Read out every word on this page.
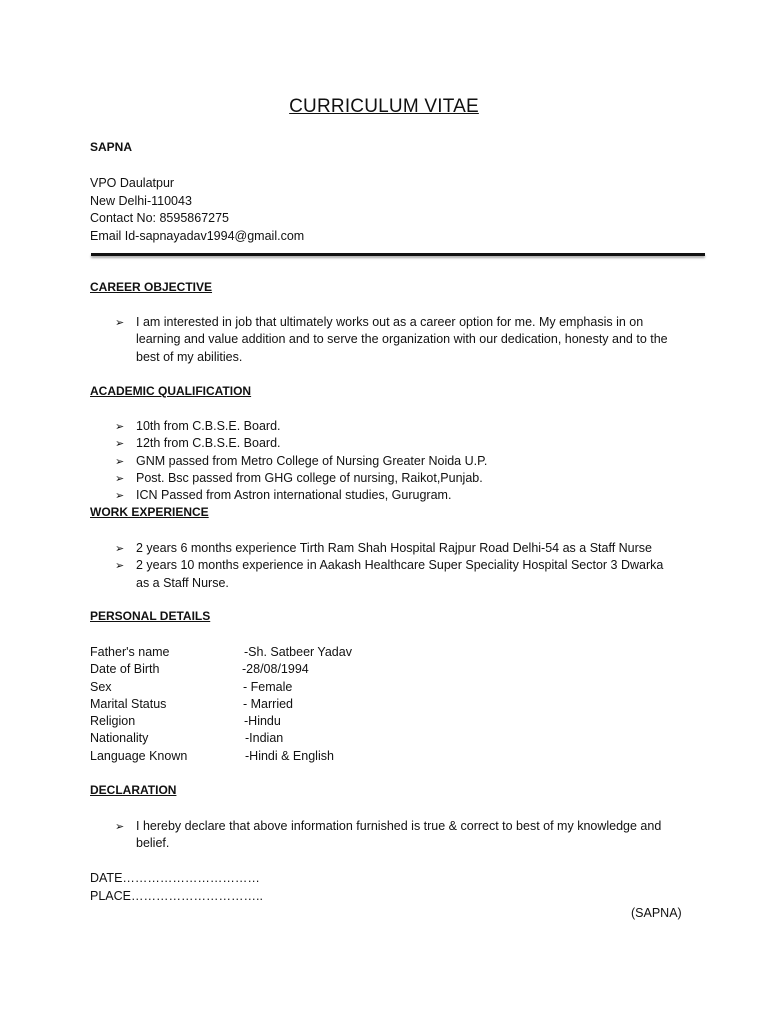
CURRICULUM VITAE
SAPNA
VPO Daulatpur
New Delhi-110043
Contact No: 8595867275
Email Id-sapnayadav1994@gmail.com
CAREER OBJECTIVE
➢ I am interested in job that ultimately works out as a career option for me. My emphasis in on learning and value addition and to serve the organization with our dedication, honesty and to the best of my abilities.
ACADEMIC QUALIFICATION
➢ 10th from C.B.S.E. Board.
➢ 12th from C.B.S.E. Board.
➢ GNM passed from Metro College of Nursing Greater Noida U.P.
➢ Post. Bsc passed from GHG college of nursing, Raikot,Punjab.
➢ ICN Passed from Astron international studies, Gurugram.
WORK EXPERIENCE
➢ 2 years 6 months experience Tirth Ram Shah Hospital Rajpur Road Delhi-54 as a Staff Nurse
➢ 2 years 10 months experience in Aakash Healthcare Super Speciality Hospital Sector 3 Dwarka as a Staff Nurse.
PERSONAL DETAILS
Father's name	-Sh. Satbeer Yadav
Date of Birth	-28/08/1994
Sex	- Female
Marital Status	- Married
Religion	-Hindu
Nationality	-Indian
Language Known	-Hindi & English
DECLARATION
➢ I hereby declare that above information furnished is true & correct to best of my knowledge and belief.
DATE……………………………
PLACE…………………………..
(SAPNA)
